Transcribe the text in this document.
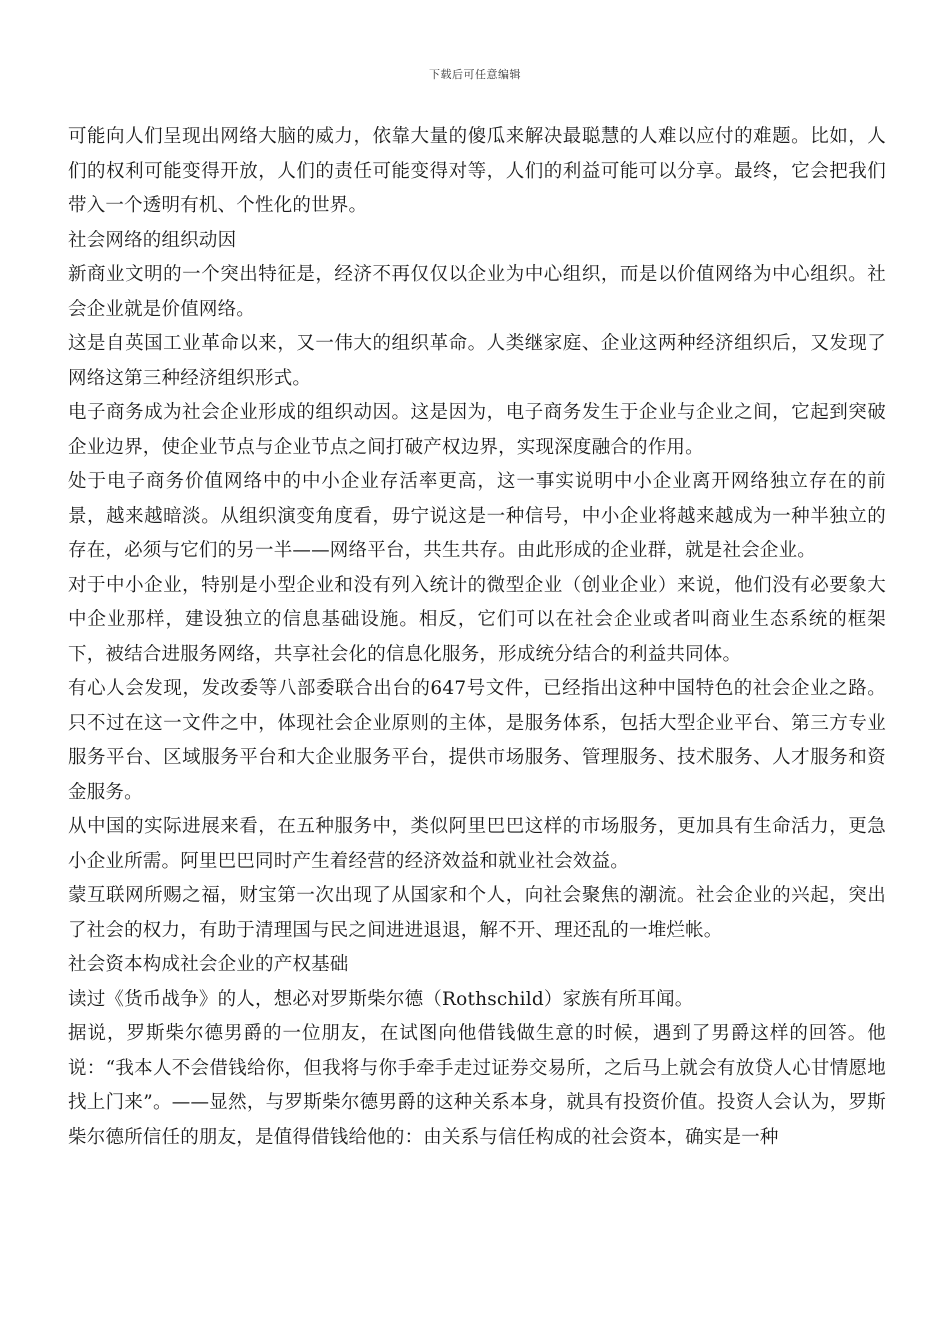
下载后可任意编辑

可能向人们呈现出网络大脑的威力，依靠大量的傻瓜来解决最聪慧的人难以应付的难题。比如，人们的权利可能变得开放，人们的责任可能变得对等，人们的利益可能可以分享。最终，它会把我们带入一个透明有机、个性化的世界。

社会网络的组织动因

新商业文明的一个突出特征是，经济不再仅仅以企业为中心组织，而是以价值网络为中心组织。社会企业就是价值网络。

这是自英国工业革命以来，又一伟大的组织革命。人类继家庭、企业这两种经济组织后，又发现了网络这第三种经济组织形式。

电子商务成为社会企业形成的组织动因。这是因为，电子商务发生于企业与企业之间，它起到突破企业边界，使企业节点与企业节点之间打破产权边界，实现深度融合的作用。

处于电子商务价值网络中的中小企业存活率更高，这一事实说明中小企业离开网络独立存在的前景，越来越暗淡。从组织演变角度看，毋宁说这是一种信号，中小企业将越来越成为一种半独立的存在，必须与它们的另一半——网络平台，共生共存。由此形成的企业群，就是社会企业。

对于中小企业，特别是小型企业和没有列入统计的微型企业（创业企业）来说，他们没有必要象大中企业那样，建设独立的信息基础设施。相反，它们可以在社会企业或者叫商业生态系统的框架下，被结合进服务网络，共享社会化的信息化服务，形成统分结合的利益共同体。

有心人会发现，发改委等八部委联合出台的647号文件，已经指出这种中国特色的社会企业之路。只不过在这一文件之中，体现社会企业原则的主体，是服务体系，包括大型企业平台、第三方专业服务平台、区域服务平台和大企业服务平台，提供市场服务、管理服务、技术服务、人才服务和资金服务。

从中国的实际进展来看，在五种服务中，类似阿里巴巴这样的市场服务，更加具有生命活力，更急小企业所需。阿里巴巴同时产生着经营的经济效益和就业社会效益。

蒙互联网所赐之福，财宝第一次出现了从国家和个人，向社会聚焦的潮流。社会企业的兴起，突出了社会的权力，有助于清理国与民之间进进退退，解不开、理还乱的一堆烂帐。

社会资本构成社会企业的产权基础

读过《货币战争》的人，想必对罗斯柴尔德（Rothschild）家族有所耳闻。

据说，罗斯柴尔德男爵的一位朋友，在试图向他借钱做生意的时候，遇到了男爵这样的回答。他说：“我本人不会借钱给你，但我将与你手牵手走过证券交易所，之后马上就会有放贷人心甘情愿地找上门来”。——显然，与罗斯柴尔德男爵的这种关系本身，就具有投资价值。投资人会认为，罗斯柴尔德所信任的朋友，是值得借钱给他的：由关系与信任构成的社会资本，确实是一种
